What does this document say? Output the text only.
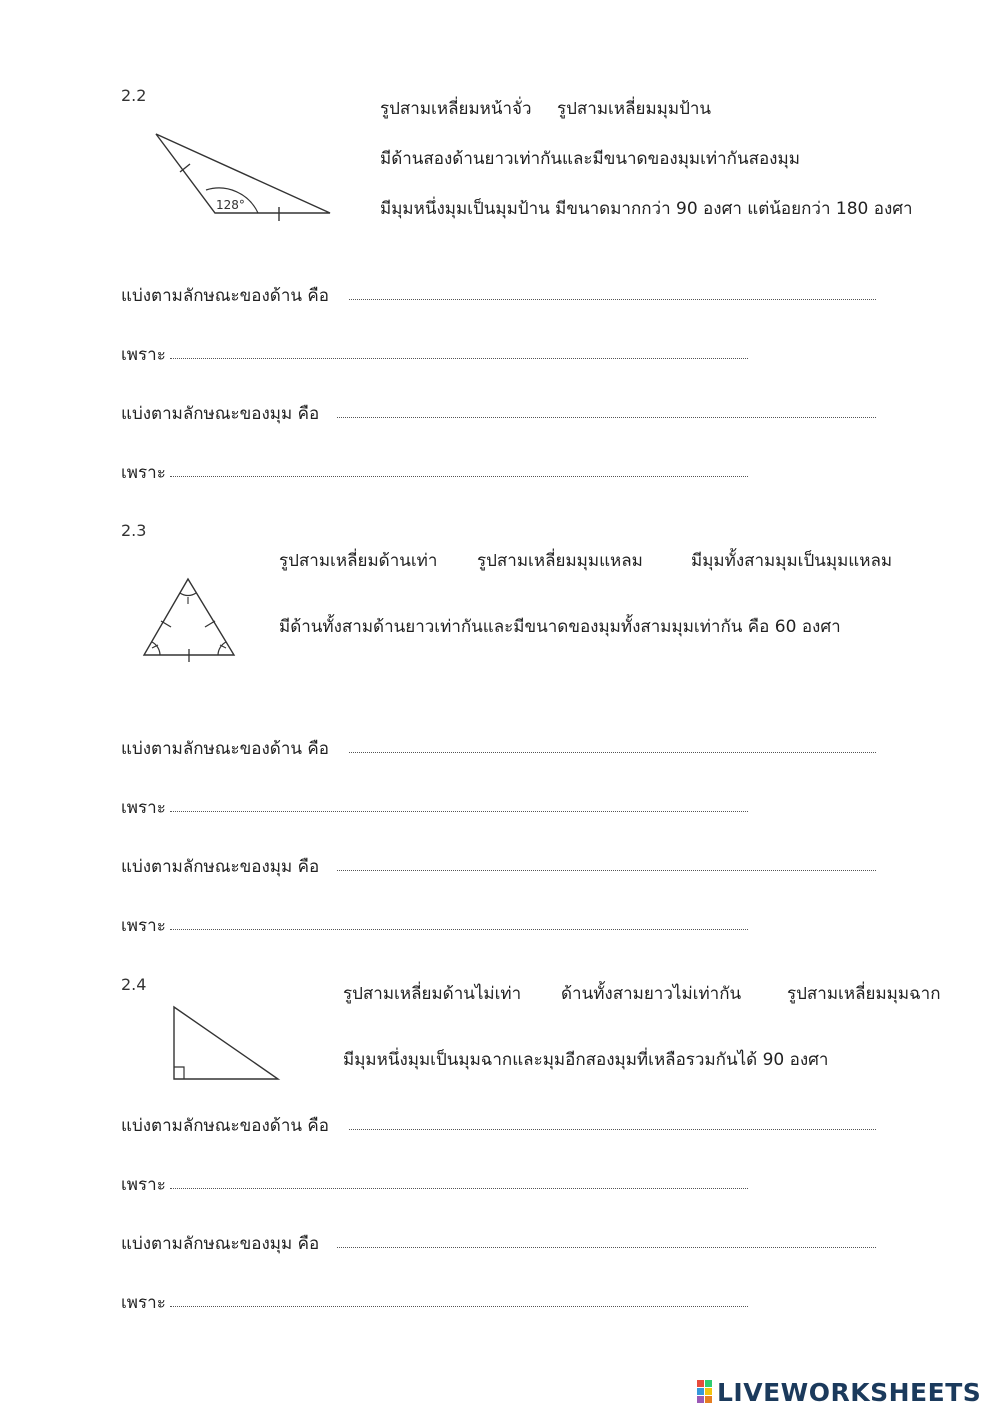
2.2
128°
รูปสามเหลี่ยมหน้าจั่ว รูปสามเหลี่ยมมุมป้าน
มีด้านสองด้านยาวเท่ากันและมีขนาดของมุมเท่ากันสองมุม
มีมุมหนึ่งมุมเป็นมุมป้าน มีขนาดมากกว่า 90 องศา แต่น้อยกว่า 180 องศา
แบ่งตามลักษณะของด้าน คือ
เพราะ
แบ่งตามลักษณะของมุม คือ
เพราะ
2.3
รูปสามเหลี่ยมด้านเท่า รูปสามเหลี่ยมมุมแหลม	มีมุมทั้งสามมุมเป็นมุมแหลม
มีด้านทั้งสามด้านยาวเท่ากันและมีขนาดของมุมทั้งสามมุมเท่ากัน คือ 60 องศา
แบ่งตามลักษณะของด้าน คือ
เพราะ
แบ่งตามลักษณะของมุม คือ
เพราะ
2.4	รูปสามเหลี่ยมด้านไม่เท่า ด้านทั้งสามยาวไม่เท่ากัน	รูปสามเหลี่ยมมุมฉาก
มีมุมหนึ่งมุมเป็นมุมฉากและมุมอีกสองมุมที่เหลือรวมกันได้ 90 องศา
แบ่งตามลักษณะของด้าน คือ
เพราะ
แบ่งตามลักษณะของมุม คือ
เพราะ
LIVEWORKSHEETS
